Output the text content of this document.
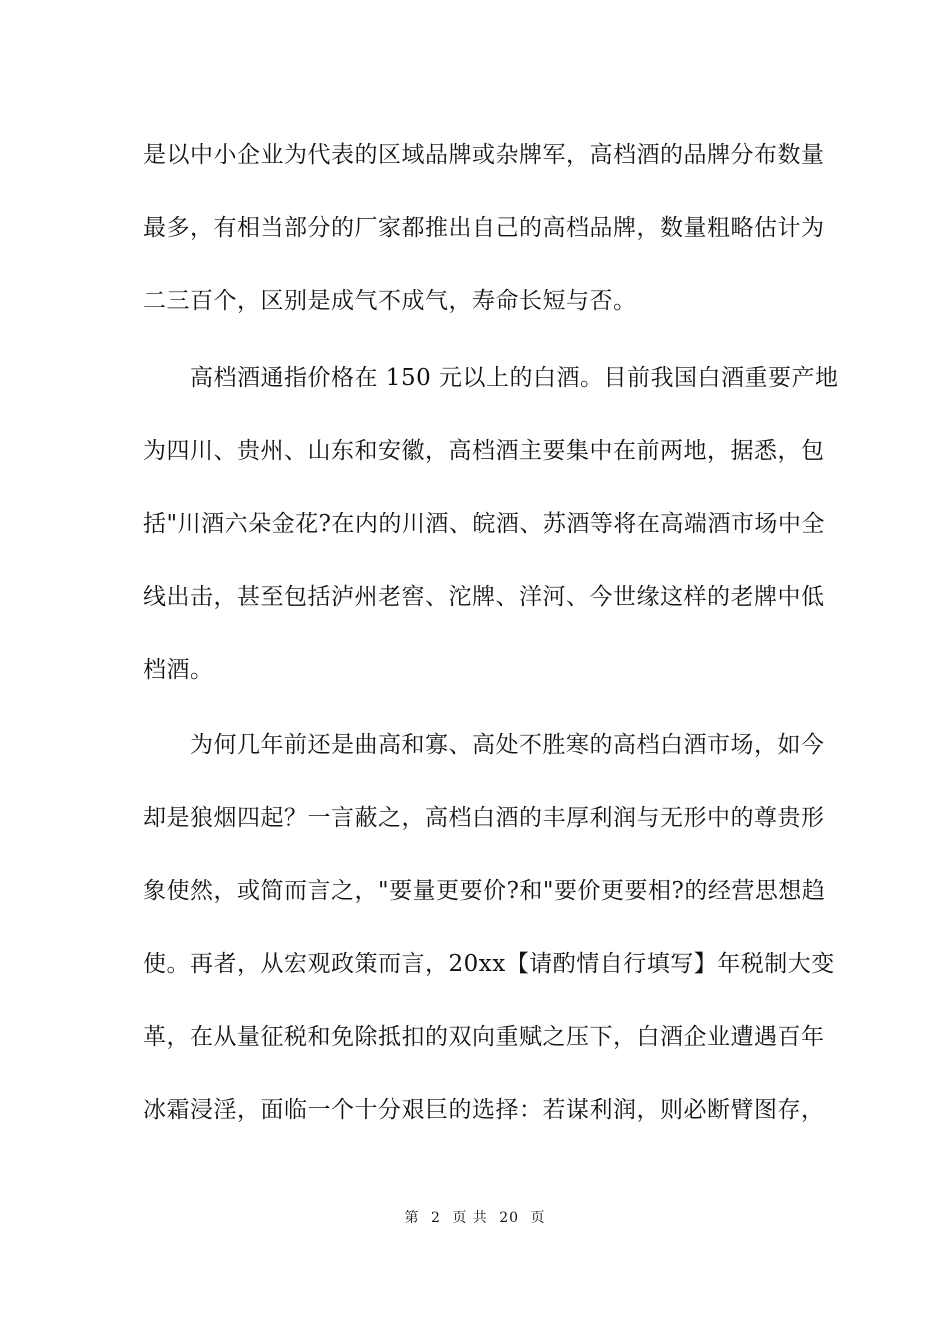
是以中小企业为代表的区域品牌或杂牌军，高档酒的品牌分布数量
最多，有相当部分的厂家都推出自己的高档品牌，数量粗略估计为
二三百个，区别是成气不成气，寿命长短与否。
高档酒通指价格在 150 元以上的白酒。目前我国白酒重要产地
为四川、贵州、山东和安徽，高档酒主要集中在前两地，据悉，包
括"川酒六朵金花?在内的川酒、皖酒、苏酒等将在高端酒市场中全
线出击，甚至包括泸州老窖、沱牌、洋河、今世缘这样的老牌中低
档酒。
为何几年前还是曲高和寡、高处不胜寒的高档白酒市场，如今
却是狼烟四起？一言蔽之，高档白酒的丰厚利润与无形中的尊贵形
象使然，或简而言之，"要量更要价?和"要价更要相?的经营思想趋
使。再者，从宏观政策而言，20xx【请酌情自行填写】年税制大变
革，在从量征税和免除抵扣的双向重赋之压下，白酒企业遭遇百年
冰霜浸淫，面临一个十分艰巨的选择：若谋利润，则必断臂图存，
第 2 页 共 20 页
